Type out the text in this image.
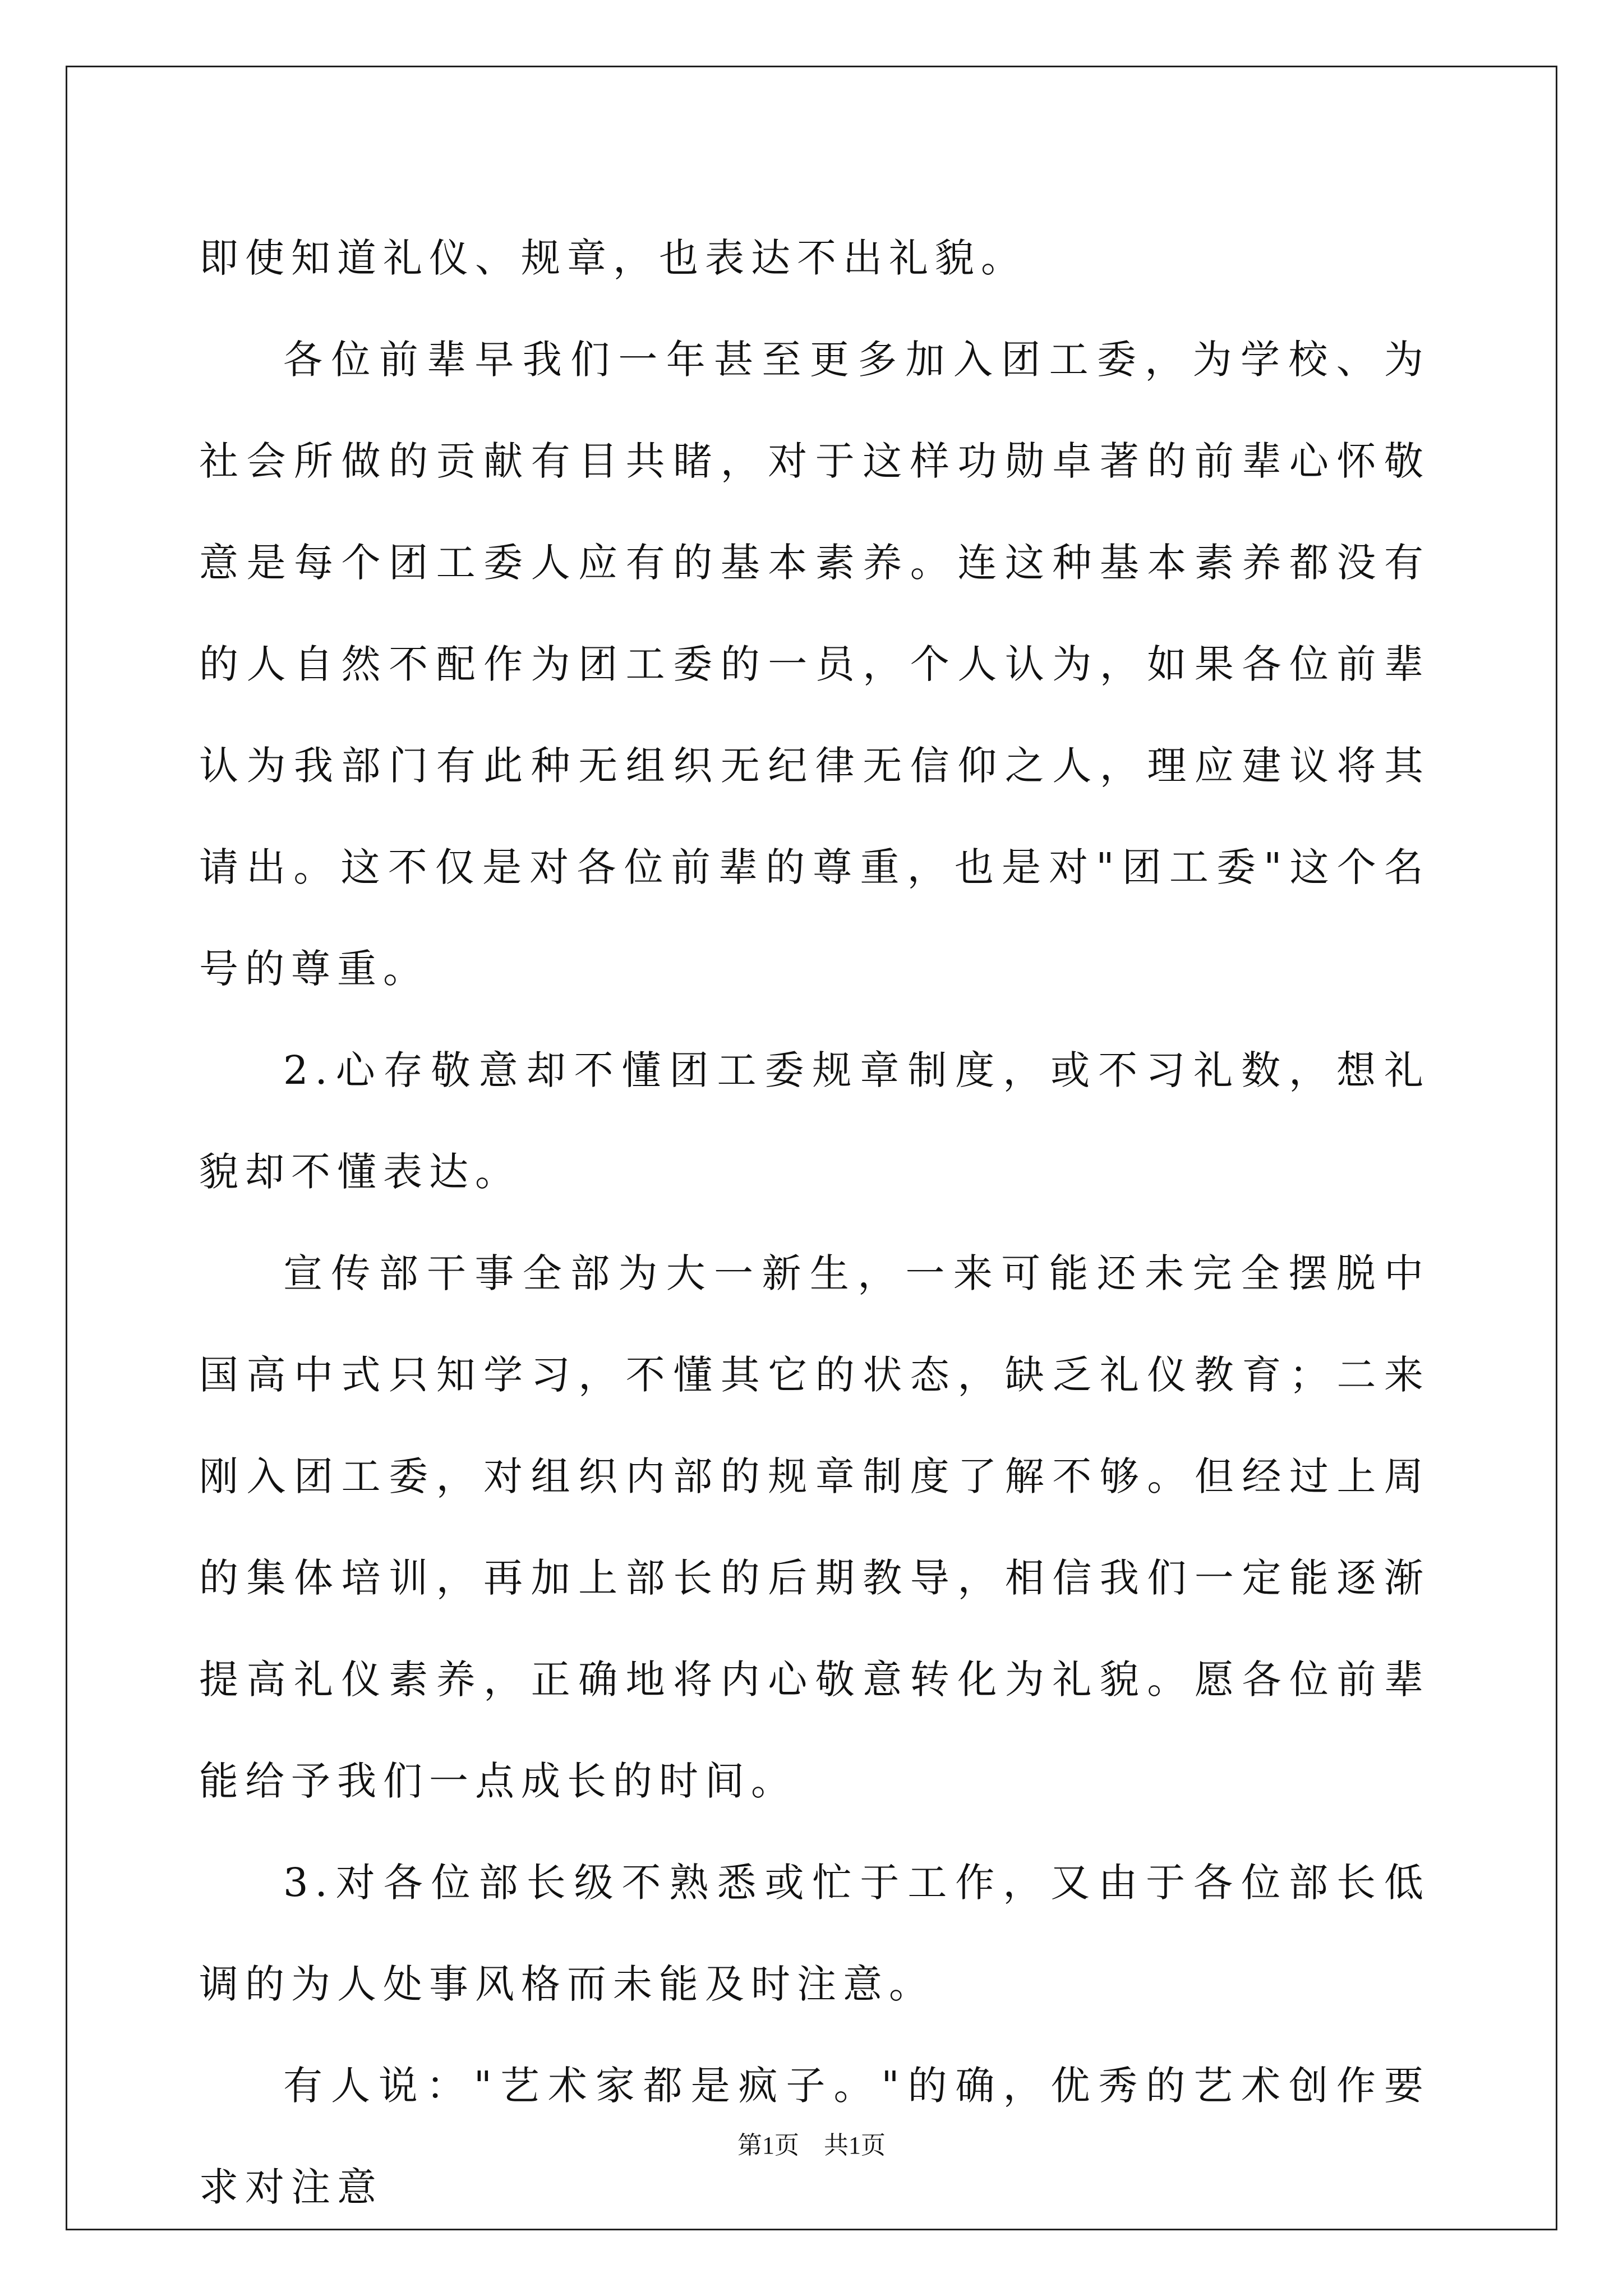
即使知道礼仪、规章，也表达不出礼貌。

各位前辈早我们一年甚至更多加入团工委，为学校、为社会所做的贡献有目共睹，对于这样功勋卓著的前辈心怀敬意是每个团工委人应有的基本素养。连这种基本素养都没有的人自然不配作为团工委的一员，个人认为，如果各位前辈认为我部门有此种无组织无纪律无信仰之人，理应建议将其请出。这不仅是对各位前辈的尊重，也是对"团工委"这个名号的尊重。

2.心存敬意却不懂团工委规章制度，或不习礼数，想礼貌却不懂表达。

宣传部干事全部为大一新生，一来可能还未完全摆脱中国高中式只知学习，不懂其它的状态，缺乏礼仪教育；二来刚入团工委，对组织内部的规章制度了解不够。但经过上周的集体培训，再加上部长的后期教导，相信我们一定能逐渐提高礼仪素养，正确地将内心敬意转化为礼貌。愿各位前辈能给予我们一点成长的时间。

3.对各位部长级不熟悉或忙于工作，又由于各位部长低调的为人处事风格而未能及时注意。

有人说："艺术家都是疯子。"的确，优秀的艺术创作要求对注意

第1页　共1页
